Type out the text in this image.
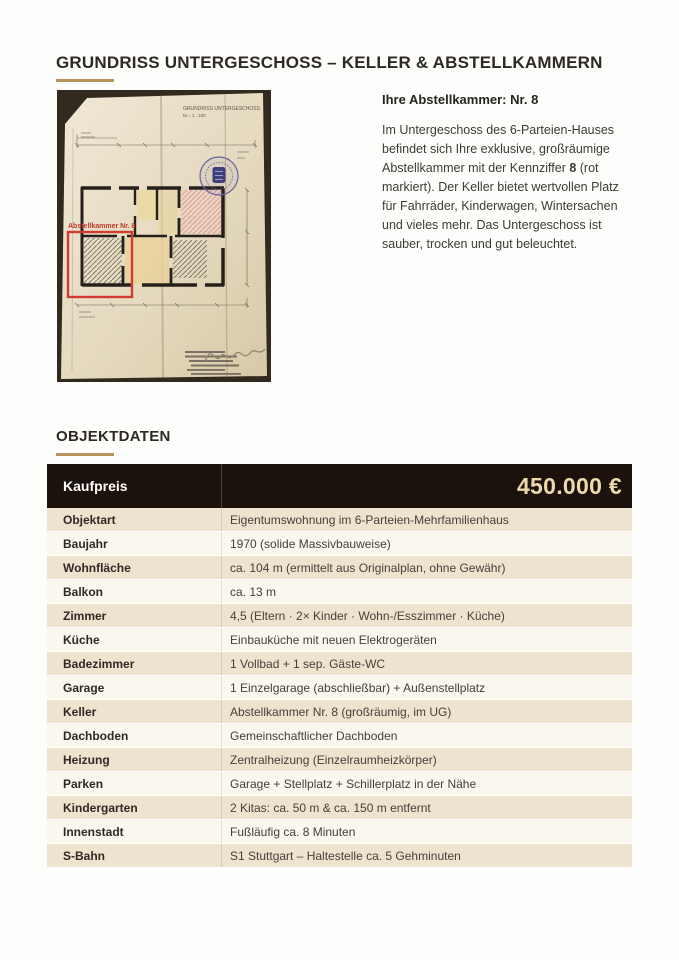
GRUNDRISS UNTERGESCHOSS – KELLER & ABSTELLKAMMERN
GRUNDRISS UNTERGESCHOSS
M = 1 : 100
Abstellkammer Nr. 8
Ihre Abstellkammer: Nr. 8

Im Untergeschoss des 6-Parteien-Hauses befindet sich Ihre exklusive, großräumige Abstellkammer mit der Kennziffer 8 (rot markiert). Der Keller bietet wertvollen Platz für Fahrräder, Kinderwagen, Wintersachen und vieles mehr. Das Untergeschoss ist sauber, trocken und gut beleuchtet.

OBJEKTDATEN
Kaufpreis	450.000 €
Objektart	Eigentumswohnung im 6-Parteien-Mehrfamilienhaus
Baujahr	1970 (solide Massivbauweise)
Wohnfläche	ca. 104 m (ermittelt aus Originalplan, ohne Gewähr)
Balkon	ca. 13 m
Zimmer	4,5 (Eltern · 2× Kinder · Wohn-/Esszimmer · Küche)
Küche	Einbauküche mit neuen Elektrogeräten
Badezimmer	1 Vollbad + 1 sep. Gäste-WC
Garage	1 Einzelgarage (abschließbar) + Außenstellplatz
Keller	Abstellkammer Nr. 8 (großräumig, im UG)
Dachboden	Gemeinschaftlicher Dachboden
Heizung	Zentralheizung (Einzelraumheizkörper)
Parken	Garage + Stellplatz + Schillerplatz in der Nähe
Kindergarten	2 Kitas: ca. 50 m & ca. 150 m entfernt
Innenstadt	Fußläufig ca. 8 Minuten
S-Bahn	S1 Stuttgart – Haltestelle ca. 5 Gehminuten
